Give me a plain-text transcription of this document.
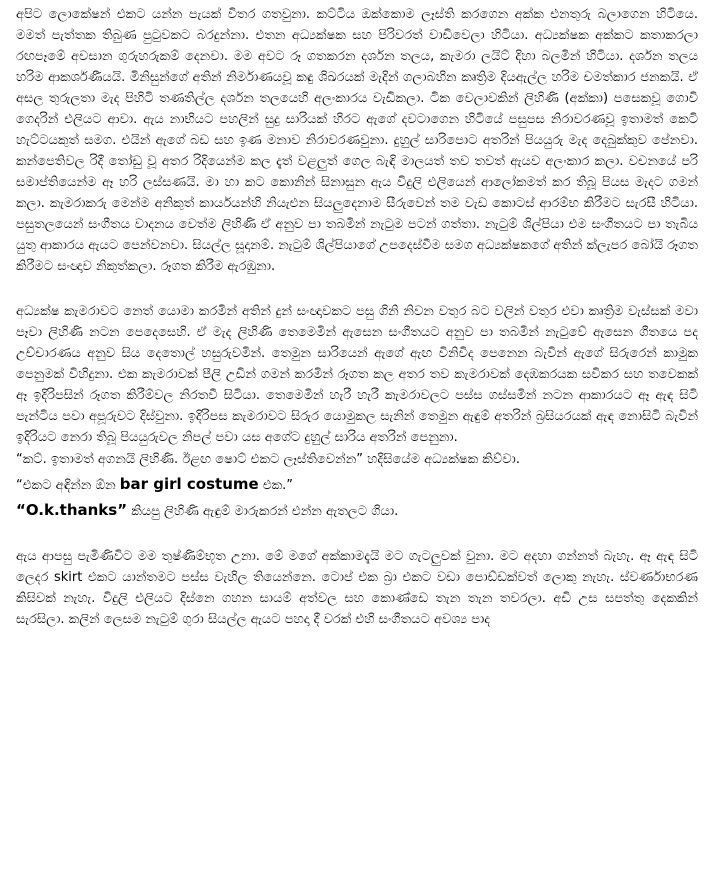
අපිට ලොකේෂන් එකට යන්න පැයක් විතර ගතවුනා. කට්ටිය ඔක්කොම ලෑස්ති කරගෙන අක්ක එනතුරු බලාගෙන හිටියෙ. මමත් පැත්තක තිබුණ පුටුවකට බරදුන්නා. එතන අධ්‍යක්ෂක සහ පිරිවරත් වාඩිවෙලා හිටියා. අධ්‍යක්ෂක අක්කට කතාකරලා රඟපෑමේ අවසාන ගුරුහරුකම් දෙනවා. මම අවට රූ ගතකරන දර්ශන තලය, කැමරා ලයිට් දිහා බලමින් හිටියා. දර්ශන තලය හරිම ආකර්ශණීයයි. මිනිසුන්ගේ අතින් නිර්මාණයවූ කඳු ශිඛරයක් මැදින් ගලාබහින කෘත්‍රිම දියඇල්ල හරිම චමත්කාර ජනකයි. ඒ අසල තුරුලතා මැද පිහිටි තණතිල්ල දර්ශන තලයෙහි අලංකාරය වැඩිකලා. ටික වෙලාවකින් ලිහිණි (අක්කා) පසෙකවූ ගොවි ගෙදරින් එලියට ආවා. ඇය නාභියට පහලින් සුදු සාරියක් හිරට ඇගේ දවටාගෙන හිටියේ පසුපස නිරාවරණවූ ඉතාමත් කෙටි හැට්ටයකුත් සමග. එයින් ඇගේ බඩ සහ ඉණ මනාව නිරාවරණවුනා. දුහුල් සාරිපොට අතරින් පියයුරු මැද දෙබුක්කුව පේනවා. කන්පෙතිවල රිදී තෝඩු වූ අතර රිදියෙන්ම කල දැත් වළලුත් ගෙල බැඳි මාලයත් තව තවත් ඇයව අලංකාර කලා. වචනයේ පරි සමාප්තියෙන්ම ඈ හරි ලස්සණයි. මා හා කට කොනින් සිනාසුන ඇය විදුලි එලියෙන් ආලෝකමත් කර තිබූ පියස මැදට ගමන් කලා. කැමරාකරු මෙන්ම අනිකුත් කාර්යයන්හි නියැළුන සියලුදෙනාම සීරුවෙන් තම වැඩ කොටස් ආරම්භ කිරීමට සැරසී හිටියා. පසුතලයෙන් සංගීතය වාදනය වෙත්ම ලිහිණි ඒ අනුව පා තබමින් නැටුම පටන් ගත්තා. නැටුම් ශිල්පියා එම සංගීතයට පා තැබිය යුතු ආකාරය ඇයට පෙන්වනවා. සියල්ල සූදානම්. නැටුම් ශිල්පියාගේ උපදෙස්වීම සමග අධ්‍යක්ෂකගේ අතින් ක්ලැපර බෝයි රූගත කිරීමට සංඥාව නිකුත්කලා. රූගත කිරීම ඇරඹුනා.

අධ්‍යක්ෂ කැමරාවට නෙත් යොමා කරමින් අතින් දුන් සංඥාවකට පසු ගිනි නිවන වතුර බට වලින් වතුර එවා කෘත්‍රිම වැස්සක් මවා පෑවා ලිහිණි නටන පෙදෙසෙහි. ඒ මැද ලිහිණි තෙමෙමින් ඇසෙන සංගීතයට අනුව පා තබමින් නැටුවේ ඇසෙන ගීතයෙ පද උච්චාරණය අනුව සිය දෙතොල් හසුරුවමින්. තෙමුන සාරියෙන් ඇගේ ඇඟ විනිවිද පෙනෙන බැවින් ඇගේ සිරුරෙන් කාමුක පෙනුමක් විහිදුනා. එක කැමරාවක් පීලි උඩින් ගමන් කරමින් රූගත කල අතර තව කැමරාවක් දෙඹකරයක සවිකර සහ තවෙකක් ඈ ඉදිරිපසින් රූගත කිරීම්වල නිරතවී සිටියා. තෙමෙමින් හැරී හැරී කැමරාවලට පස්ස ගස්සමින් නටන ආකාරයට ඈ ඇඳ සිටි පැන්ටිය පවා අපූරුවට දිස්වුනා. ඉදිරිපස කැමරාවට සිරුර යොමුකල සැනින් තෙමුන ඇඳුම් අතරින් බ්‍රසියරයක් ඇඳ නොසිටි බැවින් ඉදිරියට නෙරා තිබූ පියයුරුවල නිපල් පවා යස අගේට දුහුල් සාරිය අතරින් පෙනුනා.

“කට්. ඉතාමත් අගනයි ලිහිණි. ඊළඟ ෂොට් එකට ලෑස්තිවෙන්න” හදිසියේම අධ්‍යක්ෂක කිව්වා.

“එකට අඳින්න ඕන bar girl costume එක.”

“O.k.thanks” කියපු ලිහිණි ඇඳුම් මාරුකරන් එන්න ඇතලට ගියා.

ඇය ආපසු පැමිණිවිට මම තුෂ්ණිම්භූත උනා. මේ මගේ අක්කාමදැයි මට ගැටලුවක් වුනා. මට අදහා ගන්නත් බැහැ. ඈ ඇඳ සිටි ලෙදර skirt එකට යාන්තමට පස්ස වැහිල තියෙන්නෙ. ටොප් එක බ්‍රා එකට වඩා පොඩ්ඩක්වත් ලොකු නැහැ. ස්වර්ණාභරණ කිසිවක් නැහැ. විදුලි එලියට දිස්නෙ ගහන සායම් අත්වල සහ කොණ්ඩෙ තැන තැන තවරලා. අඩි උස සපත්තු දෙකකින් සැරසිලා. කලින් ලෙසම නැටුම් ගුරා සියල්ල ඇයට පහදා දී වරක් එහි සංගීතයට අවශ්‍ය පාද
